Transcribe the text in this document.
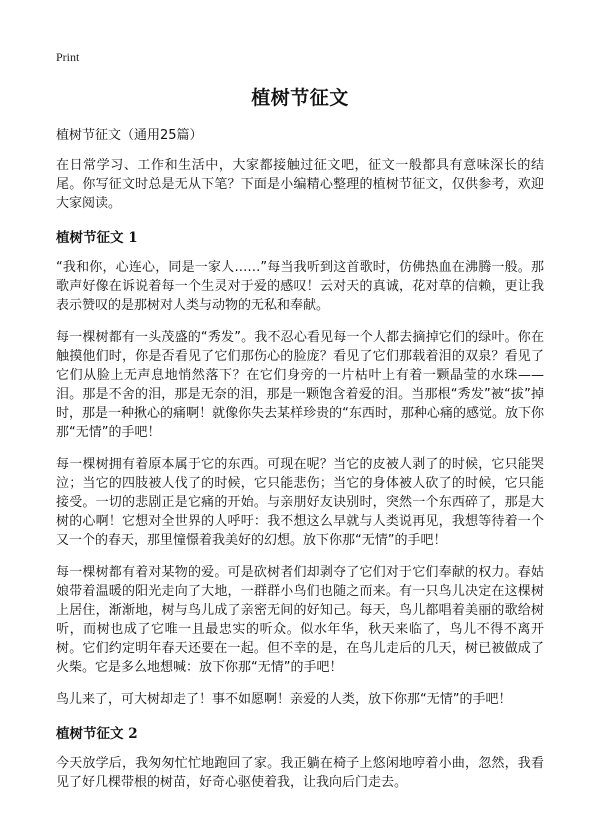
Print
植树节征文

植树节征文（通用25篇）

在日常学习、工作和生活中，大家都接触过征文吧，征文一般都具有意味深长的结尾。你写征文时总是无从下笔？下面是小编精心整理的植树节征文，仅供参考，欢迎大家阅读。

植树节征文 1

“我和你，心连心，同是一家人……”每当我听到这首歌时，仿佛热血在沸腾一般。那歌声好像在诉说着每一个生灵对于爱的感叹！云对天的真诚，花对草的信赖，更让我表示赞叹的是那树对人类与动物的无私和奉献。

每一棵树都有一头茂盛的“秀发”。我不忍心看见每一个人都去摘掉它们的绿叶。你在触摸他们时，你是否看见了它们那伤心的脸庞？看见了它们那载着泪的双泉？看见了它们从脸上无声息地悄然落下？在它们身旁的一片枯叶上有着一颗晶莹的水珠——泪。那是不舍的泪，那是无奈的泪，那是一颗饱含着爱的泪。当那根“秀发”被“拔”掉时，那是一种揪心的痛啊！就像你失去某样珍贵的“东西时，那种心痛的感觉。放下你那“无情”的手吧！

每一棵树拥有着原本属于它的东西。可现在呢？当它的皮被人剥了的时候，它只能哭泣；当它的四肢被人伐了的时候，它只能悲伤；当它的身体被人砍了的时候，它只能接受。一切的悲剧正是它痛的开始。与亲朋好友诀别时，突然一个东西碎了，那是大树的心啊！它想对全世界的人呼吁：我不想这么早就与人类说再见，我想等待着一个又一个的春天，那里憧憬着我美好的幻想。放下你那“无情”的手吧！

每一棵树都有着对某物的爱。可是砍树者们却剥夺了它们对于它们奉献的权力。春姑娘带着温暖的阳光走向了大地，一群群小鸟们也随之而来。有一只鸟儿决定在这棵树上居住，渐渐地，树与鸟儿成了亲密无间的好知己。每天，鸟儿都唱着美丽的歌给树听，而树也成了它唯一且最忠实的听众。似水年华，秋天来临了，鸟儿不得不离开树。它们约定明年春天还要在一起。但不幸的是，在鸟儿走后的几天，树已被做成了火柴。它是多么地想喊：放下你那“无情”的手吧！

鸟儿来了，可大树却走了！事不如愿啊！亲爱的人类，放下你那“无情”的手吧！

植树节征文 2

今天放学后，我匆匆忙忙地跑回了家。我正躺在椅子上悠闲地哼着小曲，忽然，我看见了好几棵带根的树苗，好奇心驱使着我，让我向后门走去。
